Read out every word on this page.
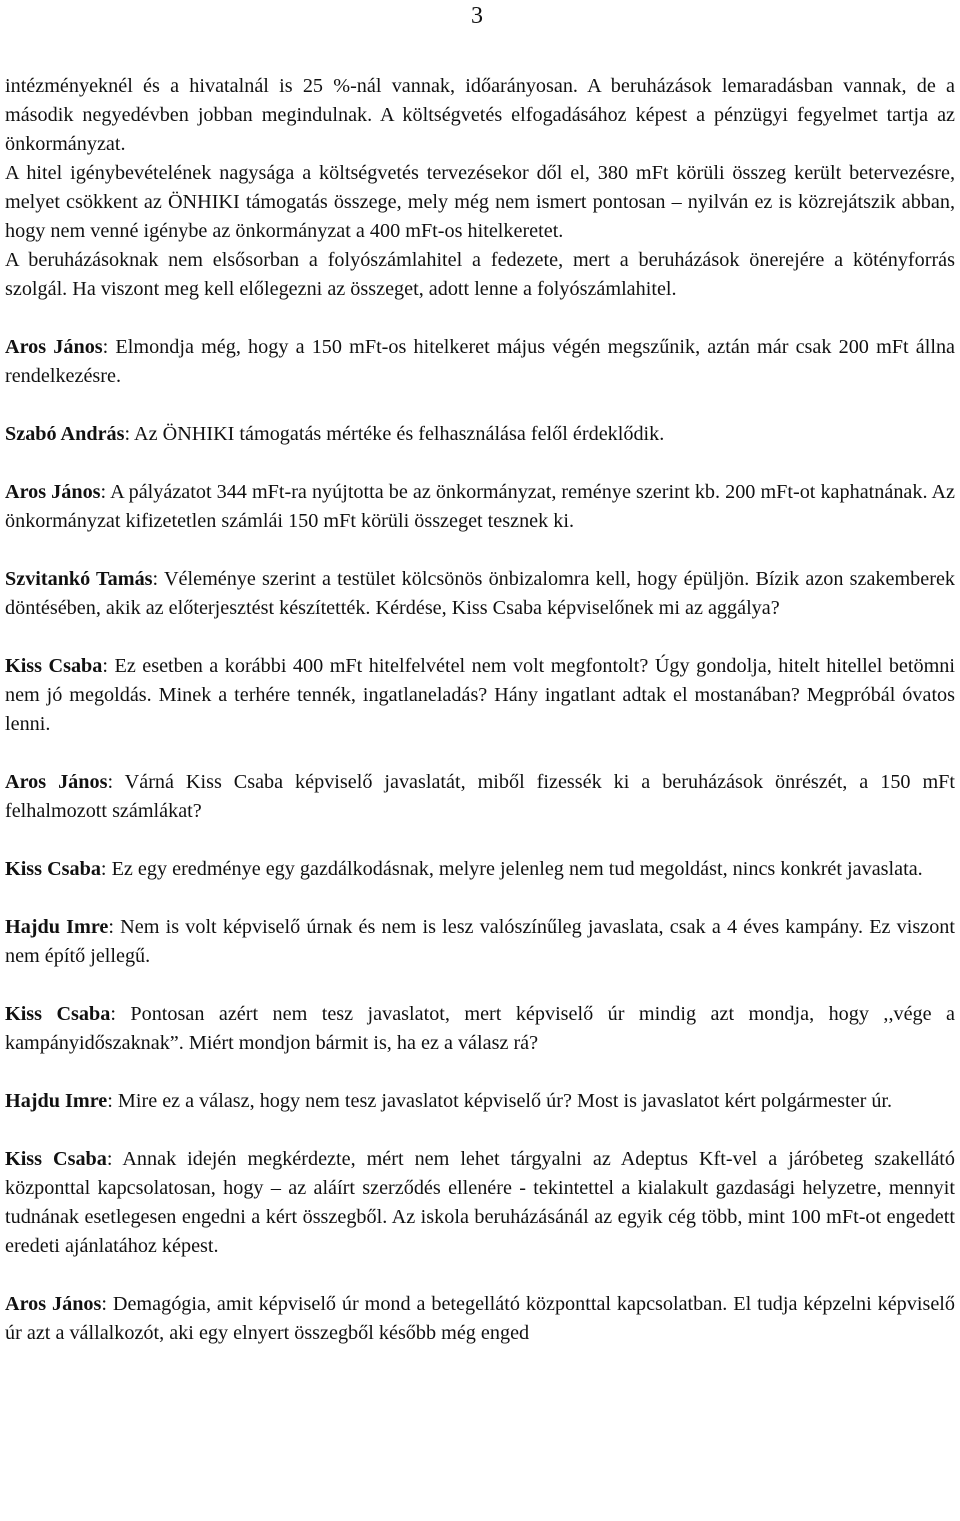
3

intézményeknél és a hivatalnál is 25 %-nál vannak, időarányosan. A beruházások lemaradásban vannak, de a második negyedévben jobban megindulnak. A költségvetés elfogadásához képest a pénzügyi fegyelmet tartja az önkormányzat.

A hitel igénybevételének nagysága a költségvetés tervezésekor dől el, 380 mFt körüli összeg került betervezésre, melyet csökkent az ÖNHIKI támogatás összege, mely még nem ismert pontosan – nyilván ez is közrejátszik abban, hogy nem venné igénybe az önkormányzat a 400 mFt-os hitelkeretet.

A beruházásoknak nem elsősorban a folyószámlahitel a fedezete, mert a beruházások önerejére a kötényforrás szolgál. Ha viszont meg kell előlegezni az összeget, adott lenne a folyószámlahitel.

Aros János: Elmondja még, hogy a 150 mFt-os hitelkeret május végén megszűnik, aztán már csak 200 mFt állna rendelkezésre.

Szabó András: Az ÖNHIKI támogatás mértéke és felhasználása felől érdeklődik.

Aros János: A pályázatot 344 mFt-ra nyújtotta be az önkormányzat, reménye szerint kb. 200 mFt-ot kaphatnának. Az önkormányzat kifizetetlen számlái 150 mFt körüli összeget tesznek ki.

Szvitankó Tamás: Véleménye szerint a testület kölcsönös önbizalomra kell, hogy épüljön. Bízik azon szakemberek döntésében, akik az előterjesztést készítették. Kérdése, Kiss Csaba képviselőnek mi az aggálya?

Kiss Csaba: Ez esetben a korábbi 400 mFt hitelfelvétel nem volt megfontolt? Úgy gondolja, hitelt hitellel betömni nem jó megoldás. Minek a terhére tennék, ingatlaneladás? Hány ingatlant adtak el mostanában? Megpróbál óvatos lenni.

Aros János: Várná Kiss Csaba képviselő javaslatát, miből fizessék ki a beruházások önrészét, a 150 mFt felhalmozott számlákat?

Kiss Csaba: Ez egy eredménye egy gazdálkodásnak, melyre jelenleg nem tud megoldást, nincs konkrét javaslata.

Hajdu Imre: Nem is volt képviselő úrnak és nem is lesz valószínűleg javaslata, csak a 4 éves kampány. Ez viszont nem építő jellegű.

Kiss Csaba: Pontosan azért nem tesz javaslatot, mert képviselő úr mindig azt mondja, hogy ,,vége a kampányidőszaknak”. Miért mondjon bármit is, ha ez a válasz rá?

Hajdu Imre: Mire ez a válasz, hogy nem tesz javaslatot képviselő úr? Most is javaslatot kért polgármester úr.

Kiss Csaba: Annak idején megkérdezte, mért nem lehet tárgyalni az Adeptus Kft-vel a járóbeteg szakellátó központtal kapcsolatosan, hogy – az aláírt szerződés ellenére - tekintettel a kialakult gazdasági helyzetre, mennyit tudnának esetlegesen engedni a kért összegből. Az iskola beruházásánál az egyik cég több, mint 100 mFt-ot engedett eredeti ajánlatához képest.

Aros János: Demagógia, amit képviselő úr mond a betegellátó központtal kapcsolatban. El tudja képzelni képviselő úr azt a vállalkozót, aki egy elnyert összegből később még enged
